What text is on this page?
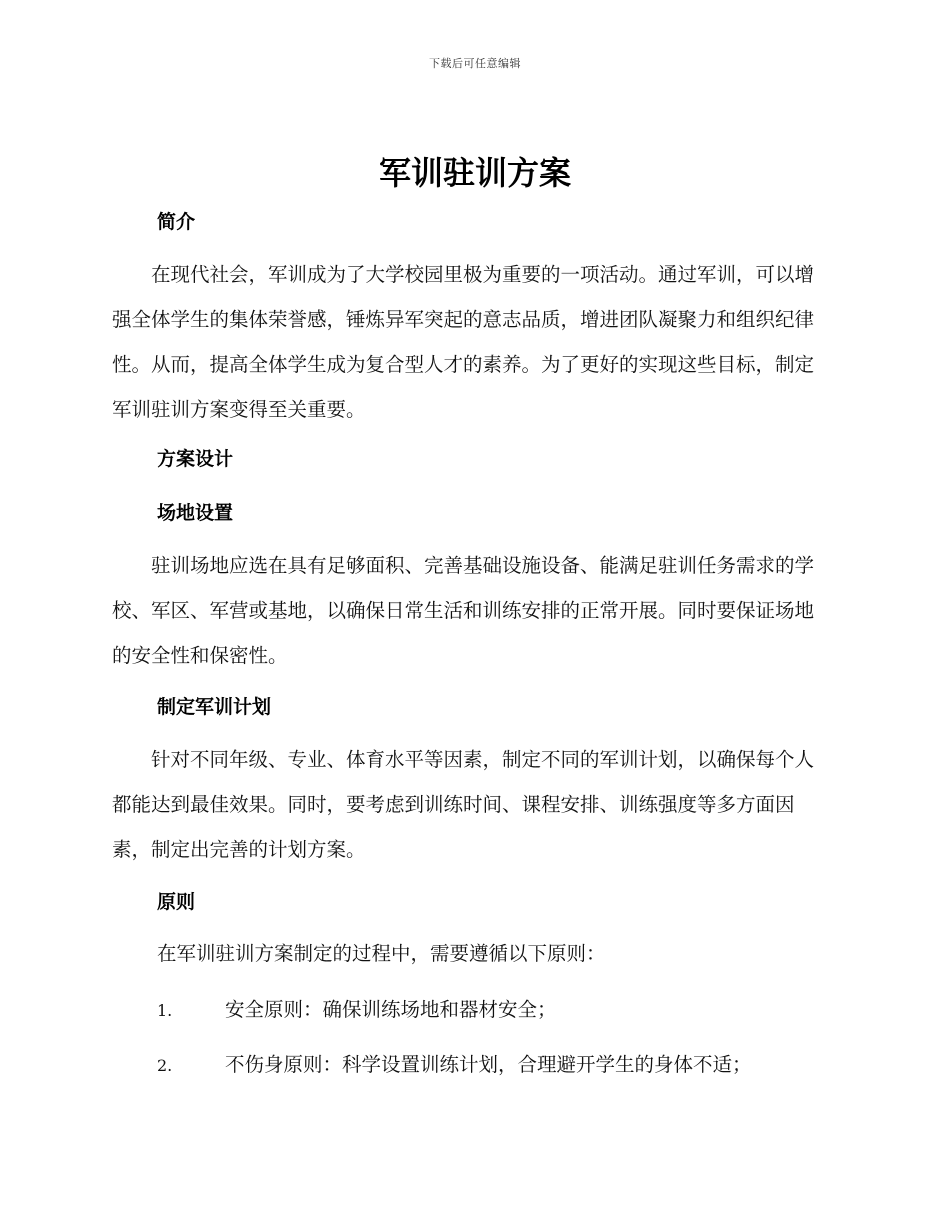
下载后可任意编辑
军训驻训方案
简介
在现代社会，军训成为了大学校园里极为重要的一项活动。通过军训，可以增强全体学生的集体荣誉感，锤炼异军突起的意志品质，增进团队凝聚力和组织纪律性。从而，提高全体学生成为复合型人才的素养。为了更好的实现这些目标，制定军训驻训方案变得至关重要。
方案设计
场地设置
驻训场地应选在具有足够面积、完善基础设施设备、能满足驻训任务需求的学校、军区、军营或基地，以确保日常生活和训练安排的正常开展。同时要保证场地的安全性和保密性。
制定军训计划
针对不同年级、专业、体育水平等因素，制定不同的军训计划，以确保每个人都能达到最佳效果。同时，要考虑到训练时间、课程安排、训练强度等多方面因素，制定出完善的计划方案。
原则
在军训驻训方案制定的过程中，需要遵循以下原则：
1.	安全原则：确保训练场地和器材安全；
2.	不伤身原则：科学设置训练计划，合理避开学生的身体不适；
